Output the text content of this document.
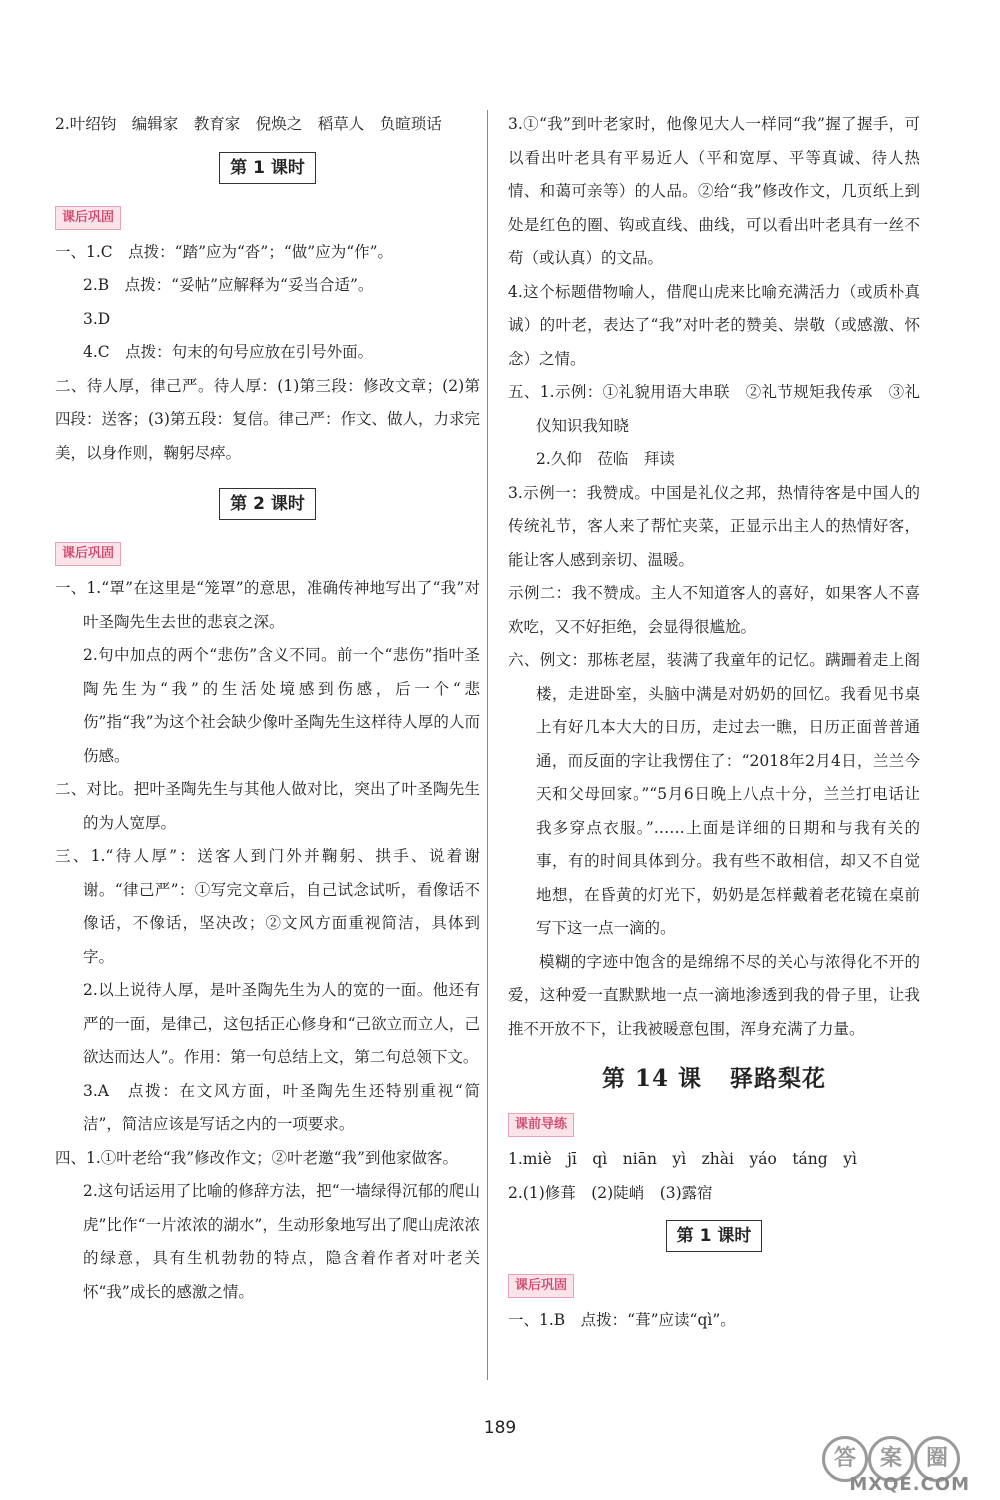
2.叶绍钧　编辑家　教育家　倪焕之　稻草人　负暄琐话

第 1 课时
课后巩固

一、1.C　点拨：“踏”应为“沓”；“做”应为“作”。

2.B　点拨：“妥帖”应解释为“妥当合适”。

3.D

4.C　点拨：句末的句号应放在引号外面。

二、待人厚，律己严。待人厚：(1)第三段：修改文章；(2)第四段：送客；(3)第五段：复信。律己严：作文、做人，力求完美，以身作则，鞠躬尽瘁。

第 2 课时
课后巩固

一、1.“罩”在这里是“笼罩”的意思，准确传神地写出了“我”对叶圣陶先生去世的悲哀之深。

2.句中加点的两个“悲伤”含义不同。前一个“悲伤”指叶圣陶先生为“我”的生活处境感到伤感，后一个“悲伤”指“我”为这个社会缺少像叶圣陶先生这样待人厚的人而伤感。

二、对比。把叶圣陶先生与其他人做对比，突出了叶圣陶先生的为人宽厚。

三、1.“待人厚”：送客人到门外并鞠躬、拱手、说着谢谢。“律己严”：①写完文章后，自己试念试听，看像话不像话，不像话，坚决改；②文风方面重视简洁，具体到字。

2.以上说待人厚，是叶圣陶先生为人的宽的一面。他还有严的一面，是律己，这包括正心修身和“己欲立而立人，己欲达而达人”。作用：第一句总结上文，第二句总领下文。

3.A　点拨：在文风方面，叶圣陶先生还特别重视“简洁”，简洁应该是写话之内的一项要求。

四、1.①叶老给“我”修改作文；②叶老邀“我”到他家做客。

2.这句话运用了比喻的修辞方法，把“一墙绿得沉郁的爬山虎”比作“一片浓浓的湖水”，生动形象地写出了爬山虎浓浓的绿意，具有生机勃勃的特点，隐含着作者对叶老关怀“我”成长的感激之情。

3.①“我”到叶老家时，他像见大人一样同“我”握了握手，可以看出叶老具有平易近人（平和宽厚、平等真诚、待人热情、和蔼可亲等）的人品。②给“我”修改作文，几页纸上到处是红色的圈、钩或直线、曲线，可以看出叶老具有一丝不苟（或认真）的文品。

4.这个标题借物喻人，借爬山虎来比喻充满活力（或质朴真诚）的叶老，表达了“我”对叶老的赞美、崇敬（或感激、怀念）之情。

五、1.示例：①礼貌用语大串联　②礼节规矩我传承　③礼仪知识我知晓

2.久仰　莅临　拜读

3.示例一：我赞成。中国是礼仪之邦，热情待客是中国人的传统礼节，客人来了帮忙夹菜，正显示出主人的热情好客，能让客人感到亲切、温暖。

示例二：我不赞成。主人不知道客人的喜好，如果客人不喜欢吃，又不好拒绝，会显得很尴尬。

六、例文：那栋老屋，装满了我童年的记忆。蹒跚着走上阁楼，走进卧室，头脑中满是对奶奶的回忆。我看见书桌上有好几本大大的日历，走过去一瞧，日历正面普普通通，而反面的字让我愣住了：“2018年2月4日，兰兰今天和父母回家。”“5月6日晚上八点十分，兰兰打电话让我多穿点衣服。”……上面是详细的日期和与我有关的事，有的时间具体到分。我有些不敢相信，却又不自觉地想，在昏黄的灯光下，奶奶是怎样戴着老花镜在桌前写下这一点一滴的。

模糊的字迹中饱含的是绵绵不尽的关心与浓得化不开的爱，这种爱一直默默地一点一滴地渗透到我的骨子里，让我推不开放不下，让我被暖意包围，浑身充满了力量。

第 14 课 驿路梨花
课前导练

1.miè　jī　qì　niān　yì　zhài　yáo　táng　yì

2.(1)修葺　(2)陡峭　(3)露宿

第 1 课时
课后巩固

一、1.B　点拨：“葺”应读“qì”。

189
答	案	圈
MXQE.COM
